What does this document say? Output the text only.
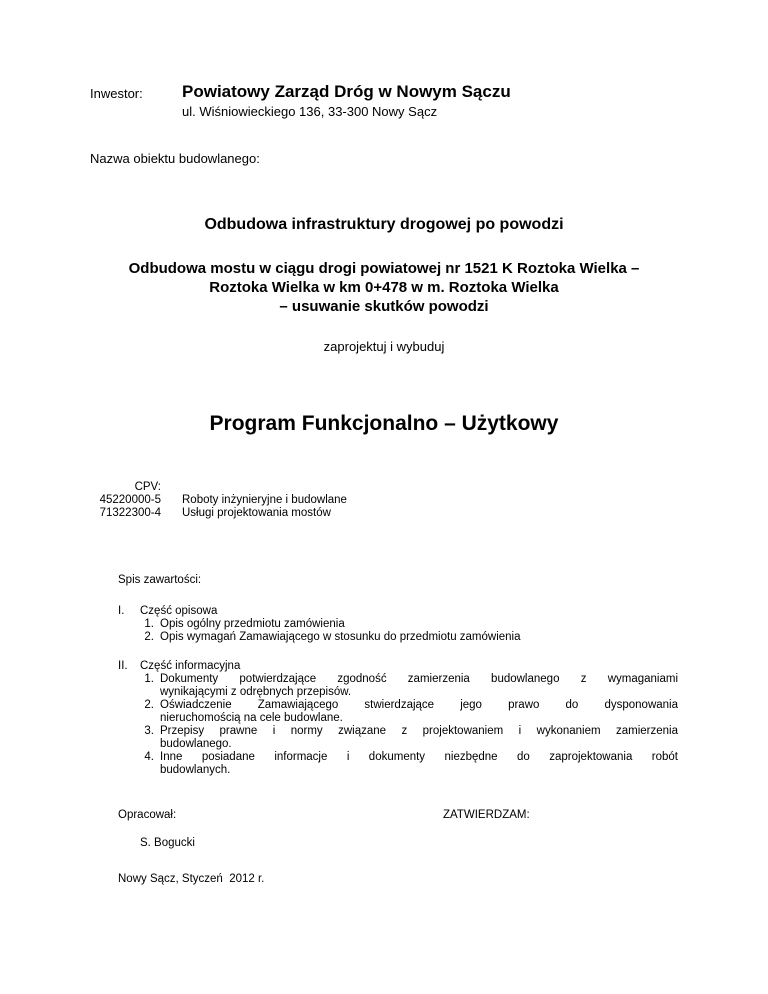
Inwestor: Powiatowy Zarząd Dróg w Nowym Sączu
ul. Wiśniowieckiego 136, 33-300 Nowy Sącz
Nazwa obiektu budowlanego:
Odbudowa infrastruktury drogowej po powodzi
Odbudowa mostu w ciągu drogi powiatowej nr 1521 K Roztoka Wielka –
Roztoka Wielka w km 0+478 w m. Roztoka Wielka
– usuwanie skutków powodzi
zaprojektuj i wybuduj
Program Funkcjonalno – Użytkowy
CPV:
45220000-5 Roboty inżynieryjne i budowlane
71322300-4 Usługi projektowania mostów
Spis zawartości:
I. Część opisowa
1. Opis ogólny przedmiotu zamówienia
2. Opis wymagań Zamawiającego w stosunku do przedmiotu zamówienia
II. Część informacyjna
1. Dokumenty potwierdzające zgodność zamierzenia budowlanego z wymaganiami
wynikającymi z odrębnych przepisów.
2. Oświadczenie Zamawiającego stwierdzające jego prawo do dysponowania
nieruchomością na cele budowlane.
3. Przepisy prawne i normy związane z projektowaniem i wykonaniem zamierzenia
budowlanego.
4. Inne posiadane informacje i dokumenty niezbędne do zaprojektowania robót
budowlanych.
Opracował:	ZATWIERDZAM:
S. Bogucki
Nowy Sącz, Styczeń  2012 r.
